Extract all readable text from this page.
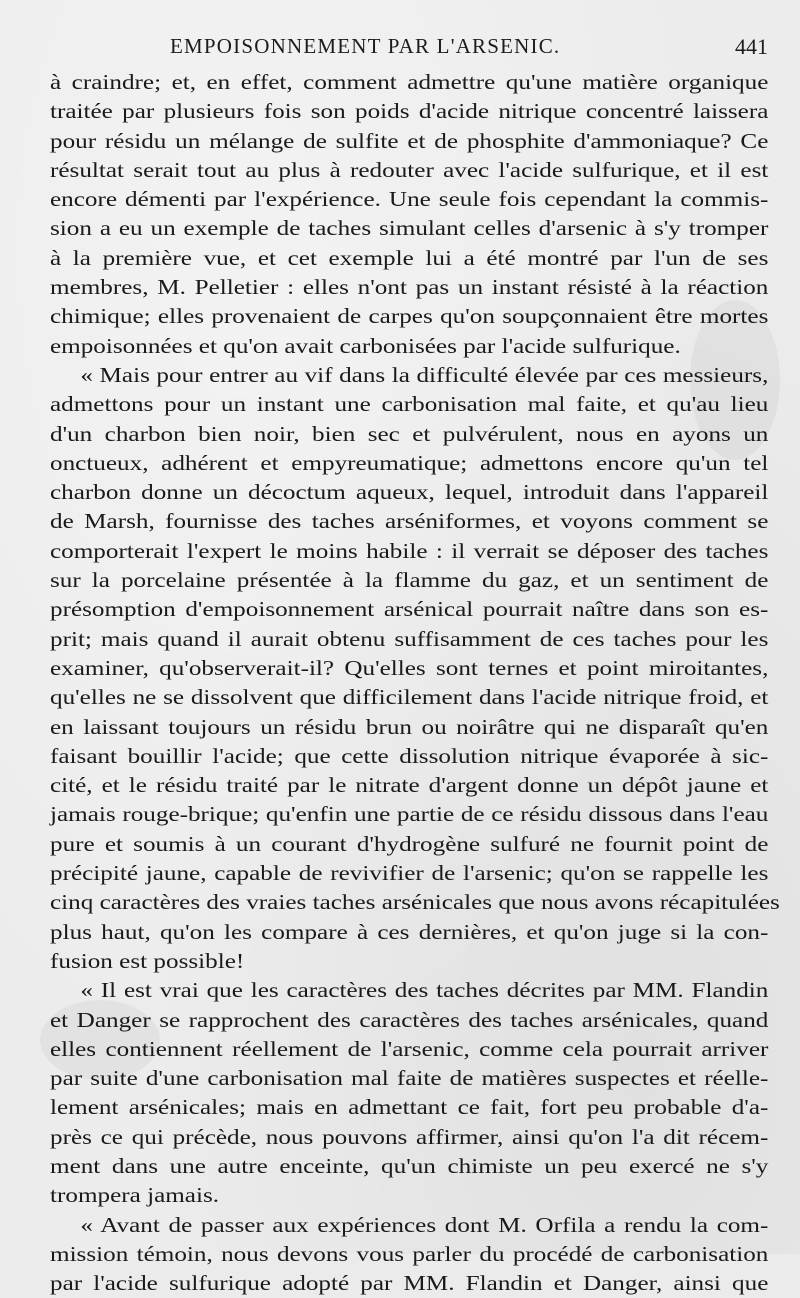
EMPOISONNEMENT PAR L'ARSENIC.	441
à craindre; et, en effet, comment admettre qu'une matière organique
traitée par plusieurs fois son poids d'acide nitrique concentré laissera
pour résidu un mélange de sulfite et de phosphite d'ammoniaque? Ce
résultat serait tout au plus à redouter avec l'acide sulfurique, et il est
encore démenti par l'expérience. Une seule fois cependant la commis-
sion a eu un exemple de taches simulant celles d'arsenic à s'y tromper
à la première vue, et cet exemple lui a été montré par l'un de ses
membres, M. Pelletier : elles n'ont pas un instant résisté à la réaction
chimique; elles provenaient de carpes qu'on soupçonnaient être mortes
empoisonnées et qu'on avait carbonisées par l'acide sulfurique.
« Mais pour entrer au vif dans la difficulté élevée par ces messieurs,
admettons pour un instant une carbonisation mal faite, et qu'au lieu
d'un charbon bien noir, bien sec et pulvérulent, nous en ayons un
onctueux, adhérent et empyreumatique; admettons encore qu'un tel
charbon donne un décoctum aqueux, lequel, introduit dans l'appareil
de Marsh, fournisse des taches arséniformes, et voyons comment se
comporterait l'expert le moins habile : il verrait se déposer des taches
sur la porcelaine présentée à la flamme du gaz, et un sentiment de
présomption d'empoisonnement arsénical pourrait naître dans son es-
prit; mais quand il aurait obtenu suffisamment de ces taches pour les
examiner, qu'observerait-il? Qu'elles sont ternes et point miroitantes,
qu'elles ne se dissolvent que difficilement dans l'acide nitrique froid, et
en laissant toujours un résidu brun ou noirâtre qui ne disparaît qu'en
faisant bouillir l'acide; que cette dissolution nitrique évaporée à sic-
cité, et le résidu traité par le nitrate d'argent donne un dépôt jaune et
jamais rouge-brique; qu'enfin une partie de ce résidu dissous dans l'eau
pure et soumis à un courant d'hydrogène sulfuré ne fournit point de
précipité jaune, capable de revivifier de l'arsenic; qu'on se rappelle les
cinq caractères des vraies taches arsénicales que nous avons récapitulées
plus haut, qu'on les compare à ces dernières, et qu'on juge si la con-
fusion est possible!
« Il est vrai que les caractères des taches décrites par MM. Flandin
et Danger se rapprochent des caractères des taches arsénicales, quand
elles contiennent réellement de l'arsenic, comme cela pourrait arriver
par suite d'une carbonisation mal faite de matières suspectes et réelle-
lement arsénicales; mais en admettant ce fait, fort peu probable d'a-
près ce qui précède, nous pouvons affirmer, ainsi qu'on l'a dit récem-
ment dans une autre enceinte, qu'un chimiste un peu exercé ne s'y
trompera jamais.
« Avant de passer aux expériences dont M. Orfila a rendu la com-
mission témoin, nous devons vous parler du procédé de carbonisation
par l'acide sulfurique adopté par MM. Flandin et Danger, ainsi que
